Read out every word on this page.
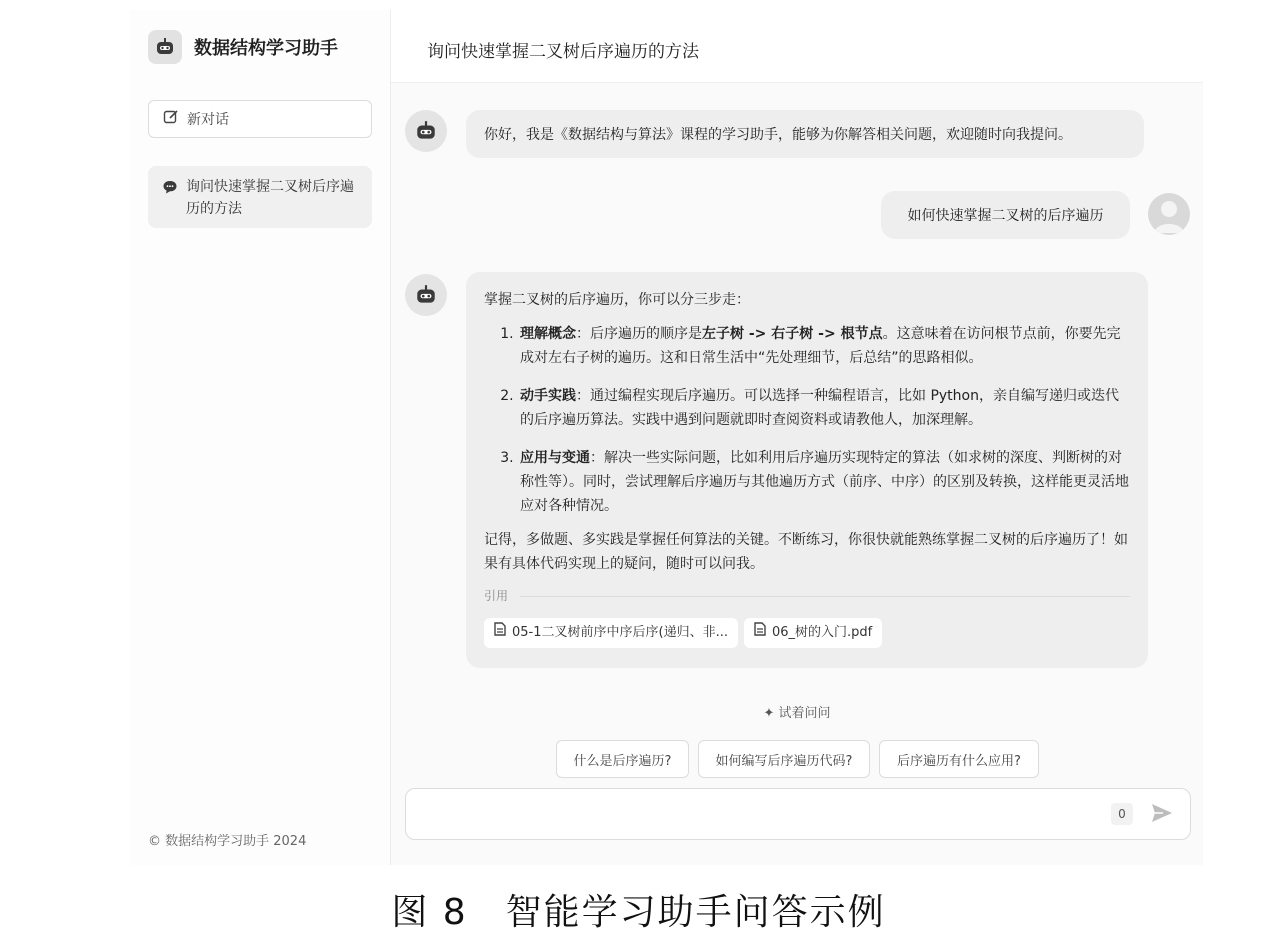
数据结构学习助手
新对话
询问快速掌握二叉树后序遍历的方法
© 数据结构学习助手 2024
询问快速掌握二叉树后序遍历的方法
你好，我是《数据结构与算法》课程的学习助手，能够为你解答相关问题，欢迎随时向我提问。
如何快速掌握二叉树的后序遍历

掌握二叉树的后序遍历，你可以分三步走：

1. 理解概念：后序遍历的顺序是左子树 -> 右子树 -> 根节点。这意味着在访问根节点前，你要先完成对左右子树的遍历。这和日常生活中“先处理细节，后总结”的思路相似。
2. 动手实践：通过编程实现后序遍历。可以选择一种编程语言，比如 Python，亲自编写递归或迭代的后序遍历算法。实践中遇到问题就即时查阅资料或请教他人，加深理解。
3. 应用与变通：解决一些实际问题，比如利用后序遍历实现特定的算法（如求树的深度、判断树的对称性等）。同时，尝试理解后序遍历与其他遍历方式（前序、中序）的区别及转换，这样能更灵活地应对各种情况。

记得，多做题、多实践是掌握任何算法的关键。不断练习，你很快就能熟练掌握二叉树的后序遍历了！如果有具体代码实现上的疑问，随时可以问我。

引用
05-1二叉树前序中序后序(递归、非...	06_树的入门.pdf
✦ 试着问问
什么是后序遍历?	如何编写后序遍历代码?	后序遍历有什么应用?
0
图 8　智能学习助手问答示例
